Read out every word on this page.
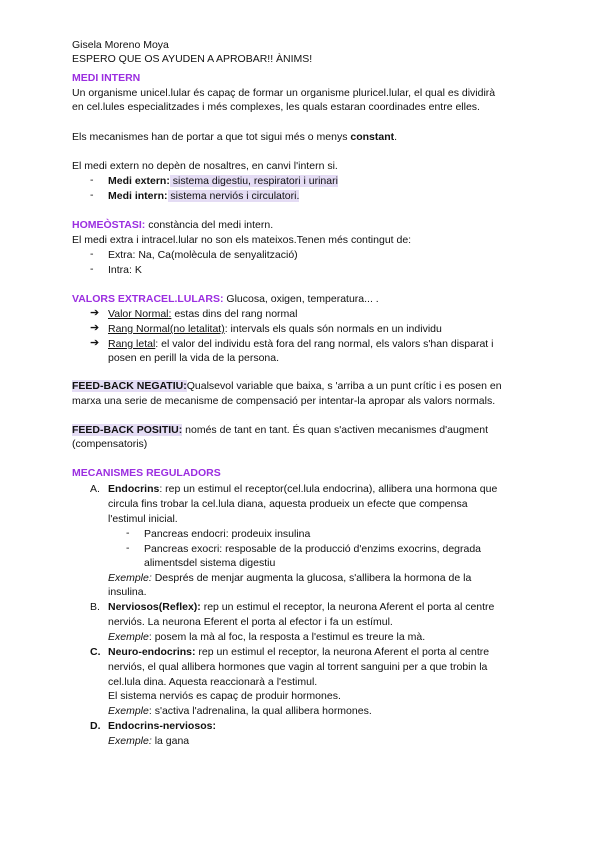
Gisela Moreno Moya
ESPERO QUE OS AYUDEN A APROBAR!! ÀNIMS!
MEDI INTERN
Un organisme unicel.lular és capaç de formar un organisme pluricel.lular, el qual es dividirà
en cel.lules especialitzades i més complexes, les quals estaran coordinades entre elles.
Els mecanismes han de portar a que tot sigui més o menys constant.
El medi extern no depèn de nosaltres, en canvi l'intern si.
- Medi extern: sistema digestiu, respiratori i urinari
- Medi intern: sistema nerviós i circulatori.
HOMEÒSTASI: constància del medi intern.
El medi extra i intracel.lular no son els mateixos.Tenen més contingut de:
- Extra: Na, Ca(molècula de senyalització)
- Intra: K
VALORS EXTRACEL.LULARS: Glucosa, oxigen, temperatura... .
➔ Valor Normal: estas dins del rang normal
➔ Rang Normal(no letalitat): intervals els quals són normals en un individu
➔ Rang letal: el valor del individu està fora del rang normal, els valors s'han disparat i
posen en perill la vida de la persona.
FEED-BACK NEGATIU:Qualsevol variable que baixa, s 'arriba a un punt crític i es posen en
marxa una serie de mecanisme de compensació per intentar-la apropar als valors normals.
FEED-BACK POSITIU: només de tant en tant. És quan s'activen mecanismes d'augment
(compensatoris)
MECANISMES REGULADORS
A. Endocrins: rep un estimul el receptor(cel.lula endocrina), allibera una hormona que
circula fins trobar la cel.lula diana, aquesta produeix un efecte que compensa
l'estimul inicial.
- Pancreas endocri: prodeuix insulina
- Pancreas exocri: resposable de la producció d'enzims exocrins, degrada
alimentsdel sistema digestiu
Exemple: Després de menjar augmenta la glucosa, s'allibera la hormona de la
insulina.
B. Nerviosos(Reflex): rep un estimul el receptor, la neurona Aferent el porta al centre
nerviós. La neurona Eferent el porta al efector i fa un estímul.
Exemple: posem la mà al foc, la resposta a l'estimul es treure la mà.
C. Neuro-endocrins: rep un estimul el receptor, la neurona Aferent el porta al centre
nerviós, el qual allibera hormones que vagin al torrent sanguini per a que trobin la
cel.lula dina. Aquesta reaccionarà a l'estimul.
El sistema nerviós es capaç de produir hormones.
Exemple: s'activa l'adrenalina, la qual allibera hormones.
D. Endocrins-nerviosos:
Exemple: la gana
